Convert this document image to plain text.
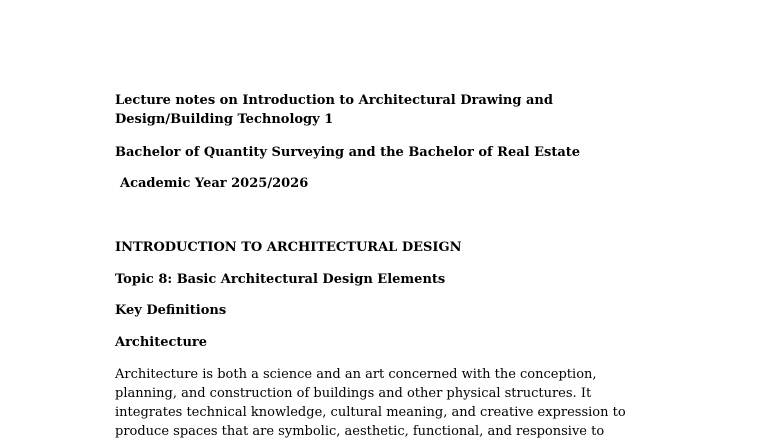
Lecture notes on Introduction to Architectural Drawing and
Design/Building Technology 1
Bachelor of Quantity Surveying and the Bachelor of Real Estate
Academic Year 2025/2026
INTRODUCTION TO ARCHITECTURAL DESIGN
Topic 8: Basic Architectural Design Elements
Key Definitions
Architecture
Architecture is both a science and an art concerned with the conception,
planning, and construction of buildings and other physical structures. It
integrates technical knowledge, cultural meaning, and creative expression to
produce spaces that are symbolic, aesthetic, functional, and responsive to
